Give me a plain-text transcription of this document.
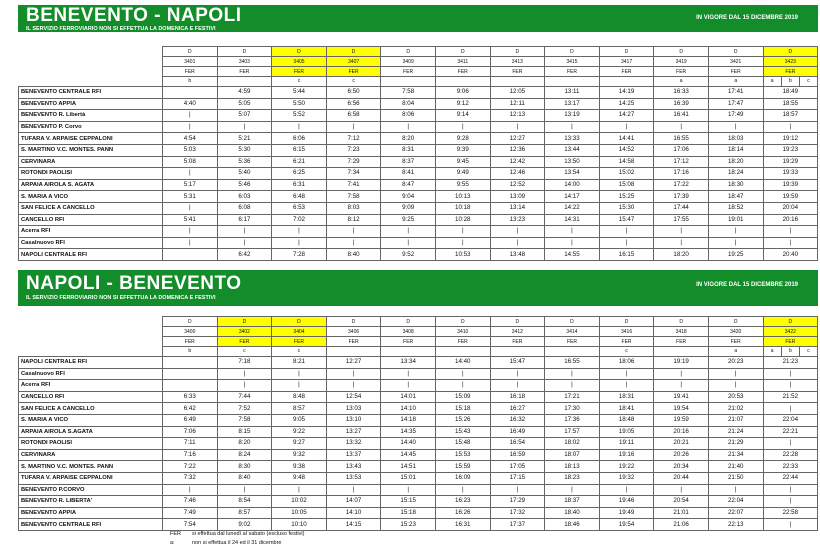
BENEVENTO - NAPOLI
IL SERVIZIO FERROVIARIO NON SI EFFETTUA LA DOMENICA E FESTIVI
IN VIGORE DAL 15 DICEMBRE 2019
	D	D	D	D	D	D	D	D	D	D	D	D
	3401	3403	3405	3407	3409	3411	3413	3415	3417	3419	3421	3423
	FER	FER	FER	FER	FER	FER	FER	FER	FER	FER	FER	FER

	b		c	c						a	a	a b c

BENEVENTO CENTRALE RFI		4:59	5:44	6:50	7:58	9:06	12:05	13:11	14:19	16:33	17:41	18:49
BENEVENTO APPIA	4:40	5:05	5:50	6:56	8:04	9:12	12:11	13:17	14:25	16:39	17:47	18:55
BENEVENTO R. Libertà	|	5:07	5:52	6:58	8:06	9:14	12:13	13:19	14:27	16:41	17:49	18:57
BENEVENTO P. Corvo	|	|	|	|	|	|	|	|	|	|	|	|
TUFARA V. ARPAISE CEPPALONI	4:54	5:21	6:06	7:12	8:20	9:28	12:27	13:33	14:41	16:55	18:03	19:12
S. MARTINO V.C. MONTES. PANN	5:03	5:30	6:15	7:23	8:31	9:39	12:36	13:44	14:52	17:06	18:14	19:23
CERVINARA	5:08	5:36	6:21	7:29	8:37	9:45	12:42	13:50	14:58	17:12	18:20	19:29
ROTONDI PAOLISI	|	5:40	6:25	7:34	8:41	9:49	12:46	13:54	15:02	17:16	18:24	19:33
ARPAIA AIROLA S. AGATA	5:17	5:46	6:31	7:41	8:47	9:55	12:52	14:00	15:08	17:22	18:30	19:39
S. MARIA A VICO	5:31	6:03	6:48	7:58	9:04	10:13	13:09	14:17	15:25	17:39	18:47	19:59
SAN FELICE A CANCELLO	|	6:08	6:53	8:03	9:09	10:18	13:14	14:22	15:30	17:44	18:52	20:04
CANCELLO RFI	5:41	6:17	7:02	8:12	9:25	10:28	13:23	14:31	15:47	17:55	19:01	20:16
Acerra RFI	|	|	|	|	|	|	|	|	|	|	|	|
Casalnuovo RFI	|	|	|	|	|	|	|	|	|	|	|	|
NAPOLI CENTRALE RFI		6:42	7:28	8:40	9:52	10:53	13:48	14:55	16:15	18:20	19:25	20:40
NAPOLI - BENEVENTO
IL SERVIZIO FERROVIARIO NON SI EFFETTUA LA DOMENICA E FESTIVI
IN VIGORE DAL 15 DICEMBRE 2019
	D	D	D	D	D	D	D	D	D	D	D	D
	3400	3402	3404	3406	3408	3410	3412	3414	3416	3418	3420	3422
	FER	FER	FER	FER	FER	FER	FER	FER	FER	FER	FER	FER

	b	c	c						c		a	a b c

NAPOLI CENTRALE RFI		7:18	8:21	12:27	13:34	14:40	15:47	16:55	18:06	19:19	20:23	21:23
Casalnuovo RFI		|	|	|	|	|	|	|	|	|	|	|
Acerra RFI		|	|	|	|	|	|	|	|	|	|	|
CANCELLO RFI	6:33	7:44	8:48	12:54	14:01	15:09	16:18	17:21	18:31	19:41	20:53	21:52
SAN FELICE A CANCELLO	6:42	7:52	8:57	13:03	14:10	15:18	16:27	17:30	18:41	19:54	21:02	|
S. MARIA A VICO	6:49	7:58	9:05	13:10	14:18	15:26	16:32	17:36	18:48	19:59	21:07	22:04
ARPAIA AIROLA S.AGATA	7:06	8:15	9:22	13:27	14:35	15:43	16:49	17:57	19:05	20:16	21:24	22:21
ROTONDI PAOLISI	7:11	8:20	9:27	13:32	14:40	15:48	16:54	18:02	19:11	20:21	21:29	|
CERVINARA	7:16	8:24	9:32	13:37	14:45	15:53	16:59	18:07	19:16	20:26	21:34	22:28
S. MARTINO V.C. MONTES. PANN	7:22	8:30	9:38	13:43	14:51	15:59	17:05	18:13	19:22	20:34	21:40	22:33
TUFARA V. ARPAISE CEPPALONI	7:32	8:40	9:48	13:53	15:01	16:09	17:15	18:23	19:32	20:44	21:50	22:44
BENEVENTO P.CORVO	|	|	|	|	|	|	|	|	|	|	|	|
BENEVENTO R. LIBERTA'	7:46	8:54	10:02	14:07	15:15	16:23	17:29	18:37	19:46	20:54	22:04	|
BENEVENTO APPIA	7:49	8:57	10:05	14:10	15:18	16:26	17:32	18:40	19:49	21:01	22:07	22:58
BENEVENTO CENTRALE RFI	7:54	9:02	10:10	14:15	15:23	16:31	17:37	18:46	19:54	21:06	22:13	|
FER	si effettua dal lunedì al sabato (escluso festivi)
a:	non si effettua il 24 ed il 31 dicembre
